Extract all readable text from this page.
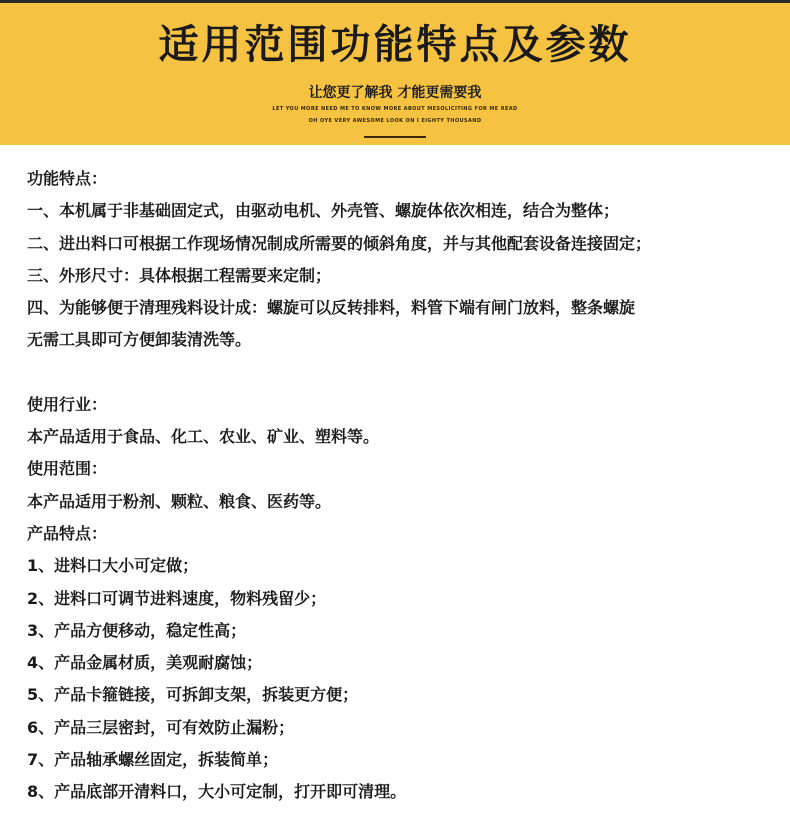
适用范围功能特点及参数
让您更了解我 才能更需要我
LET YOU MORE NEED ME TO KNOW MORE ABOUT MESOLICITING FOR ME READ
OH OYE VERY AWESOME LOOK ON I EIGHTY THOUSAND
功能特点：
一、本机属于非基础固定式，由驱动电机、外壳管、螺旋体依次相连，结合为整体；
二、进出料口可根据工作现场情况制成所需要的倾斜角度，并与其他配套设备连接固定；
三、外形尺寸：具体根据工程需要来定制；
四、为能够便于清理残料设计成：螺旋可以反转排料，料管下端有闸门放料，整条螺旋
无需工具即可方便卸装清洗等。
使用行业：
本产品适用于食品、化工、农业、矿业、塑料等。
使用范围：
本产品适用于粉剂、颗粒、粮食、医药等。
产品特点：
1、进料口大小可定做；
2、进料口可调节进料速度，物料残留少；
3、产品方便移动，稳定性高；
4、产品金属材质，美观耐腐蚀；
5、产品卡箍链接，可拆卸支架，拆装更方便；
6、产品三层密封，可有效防止漏粉；
7、产品轴承螺丝固定，拆装简单；
8、产品底部开清料口，大小可定制，打开即可清理。
